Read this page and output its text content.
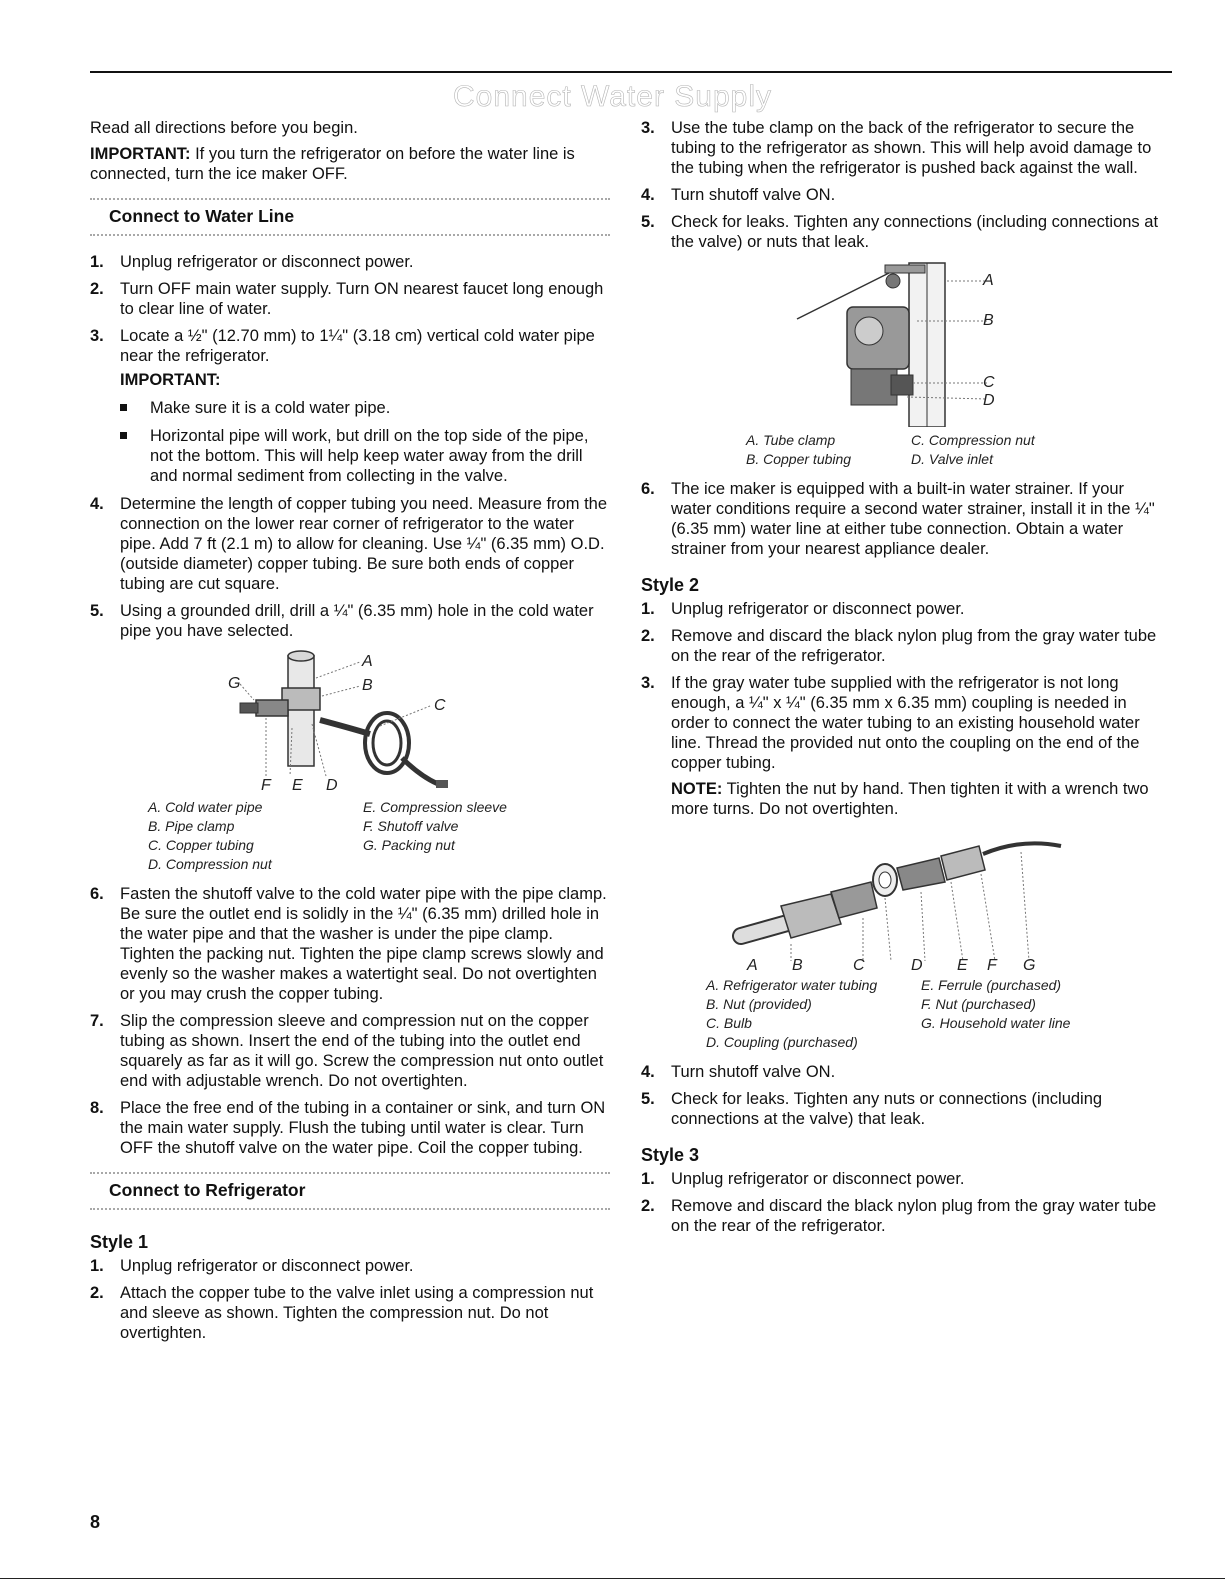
Connect Water Supply

Read all directions before you begin.

IMPORTANT: If you turn the refrigerator on before the water line is connected, turn the ice maker OFF.

Connect to Water Line
1. Unplug refrigerator or disconnect power.
2. Turn OFF main water supply. Turn ON nearest faucet long enough to clear line of water.
3. Locate a ½" (12.70 mm) to 1¼" (3.18 cm) vertical cold water pipe near the refrigerator.
IMPORTANT:
Make sure it is a cold water pipe.
Horizontal pipe will work, but drill on the top side of the pipe, not the bottom. This will help keep water away from the drill and normal sediment from collecting in the valve.
4. Determine the length of copper tubing you need. Measure from the connection on the lower rear corner of refrigerator to the water pipe. Add 7 ft (2.1 m) to allow for cleaning. Use ¼" (6.35 mm) O.D. (outside diameter) copper tubing. Be sure both ends of copper tubing are cut square.
5. Using a grounded drill, drill a ¼" (6.35 mm) hole in the cold water pipe you have selected.
A
B
C
D
E
F
G
A. Cold water pipe	E. Compression sleeve
B. Pipe clamp	F. Shutoff valve
C. Copper tubing	G. Packing nut
D. Compression nut
6. Fasten the shutoff valve to the cold water pipe with the pipe clamp. Be sure the outlet end is solidly in the ¼" (6.35 mm) drilled hole in the water pipe and that the washer is under the pipe clamp. Tighten the packing nut. Tighten the pipe clamp screws slowly and evenly so the washer makes a watertight seal. Do not overtighten or you may crush the copper tubing.
7. Slip the compression sleeve and compression nut on the copper tubing as shown. Insert the end of the tubing into the outlet end squarely as far as it will go. Screw the compression nut onto outlet end with adjustable wrench. Do not overtighten.
8. Place the free end of the tubing in a container or sink, and turn ON the main water supply. Flush the tubing until water is clear. Turn OFF the shutoff valve on the water pipe. Coil the copper tubing.
Connect to Refrigerator
Style 1
1. Unplug refrigerator or disconnect power.
2. Attach the copper tube to the valve inlet using a compression nut and sleeve as shown. Tighten the compression nut. Do not overtighten.
3. Use the tube clamp on the back of the refrigerator to secure the tubing to the refrigerator as shown. This will help avoid damage to the tubing when the refrigerator is pushed back against the wall.
4. Turn shutoff valve ON.
5. Check for leaks. Tighten any connections (including connections at the valve) or nuts that leak.
A
B
C
D
A. Tube clamp	C. Compression nut
B. Copper tubing	D. Valve inlet
6. The ice maker is equipped with a built-in water strainer. If your water conditions require a second water strainer, install it in the ¼" (6.35 mm) water line at either tube connection. Obtain a water strainer from your nearest appliance dealer.
Style 2
1. Unplug refrigerator or disconnect power.
2. Remove and discard the black nylon plug from the gray water tube on the rear of the refrigerator.
3. If the gray water tube supplied with the refrigerator is not long enough, a ¼" x ¼" (6.35 mm x 6.35 mm) coupling is needed in order to connect the water tubing to an existing household water line. Thread the provided nut onto the coupling on the end of the copper tubing.

NOTE: Tighten the nut by hand. Then tighten it with a wrench two more turns. Do not overtighten.

A B	C	D E F G
A. Refrigerator water tubing	E. Ferrule (purchased)
B. Nut (provided)	F. Nut (purchased)
C. Bulb	G. Household water line
D. Coupling (purchased)
4. Turn shutoff valve ON.
5. Check for leaks. Tighten any nuts or connections (including connections at the valve) that leak.
Style 3
1. Unplug refrigerator or disconnect power.
2. Remove and discard the black nylon plug from the gray water tube on the rear of the refrigerator.
8
